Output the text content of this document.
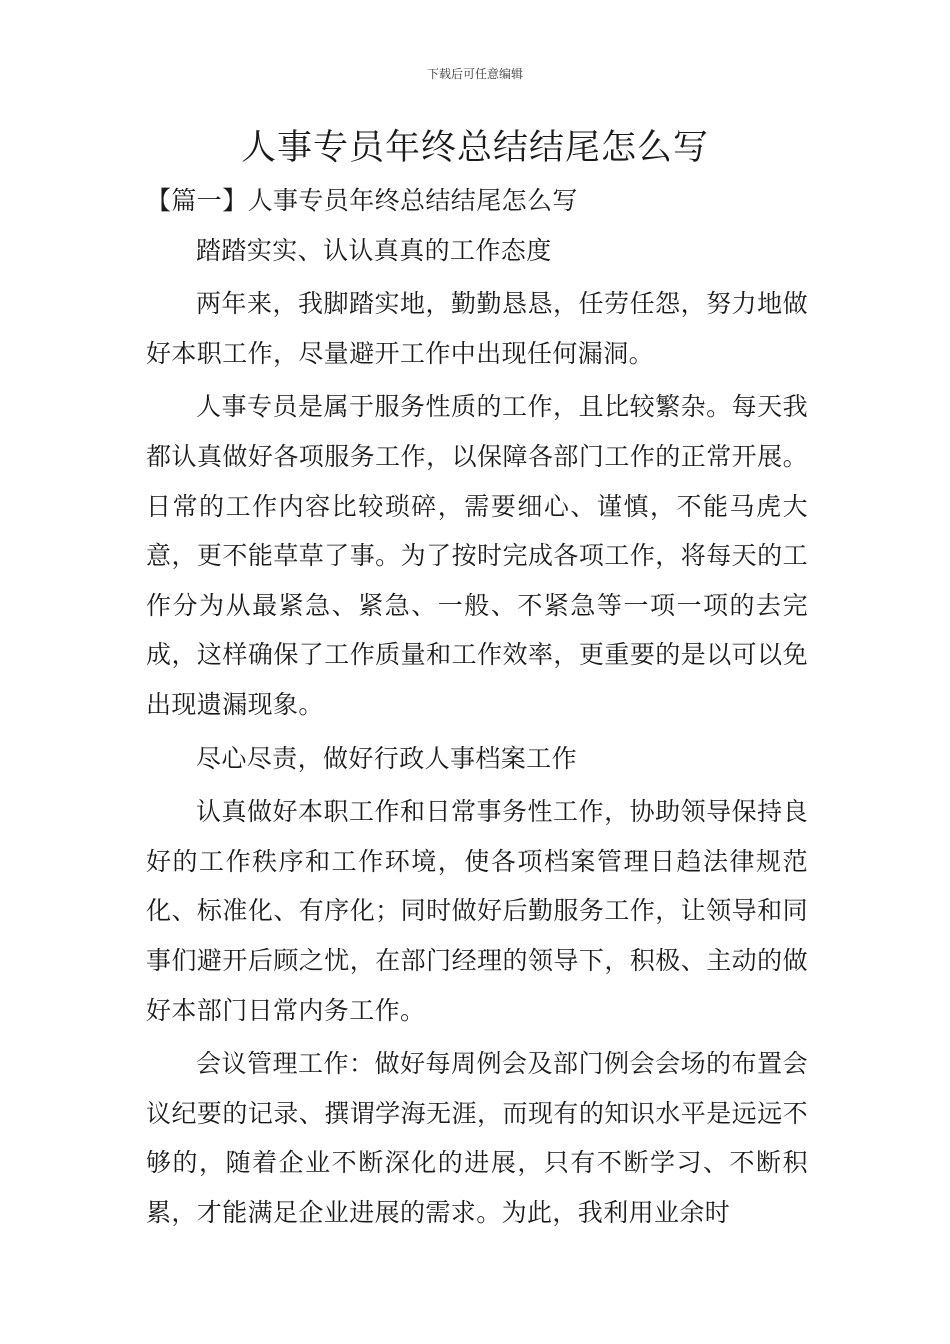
下载后可任意编辑
人事专员年终总结结尾怎么写

【篇一】人事专员年终总结结尾怎么写

踏踏实实、认认真真的工作态度

两年来，我脚踏实地，勤勤恳恳，任劳任怨，努力地做好本职工作，尽量避开工作中出现任何漏洞。

人事专员是属于服务性质的工作，且比较繁杂。每天我都认真做好各项服务工作，以保障各部门工作的正常开展。日常的工作内容比较琐碎，需要细心、谨慎，不能马虎大意，更不能草草了事。为了按时完成各项工作，将每天的工作分为从最紧急、紧急、一般、不紧急等一项一项的去完成，这样确保了工作质量和工作效率，更重要的是以可以免出现遗漏现象。

尽心尽责，做好行政人事档案工作

认真做好本职工作和日常事务性工作，协助领导保持良好的工作秩序和工作环境，使各项档案管理日趋法律规范化、标准化、有序化；同时做好后勤服务工作，让领导和同事们避开后顾之忧，在部门经理的领导下，积极、主动的做好本部门日常内务工作。

会议管理工作：做好每周例会及部门例会会场的布置会议纪要的记录、撰谓学海无涯，而现有的知识水平是远远不够的，随着企业不断深化的进展，只有不断学习、不断积累，才能满足企业进展的需求。为此，我利用业余时
